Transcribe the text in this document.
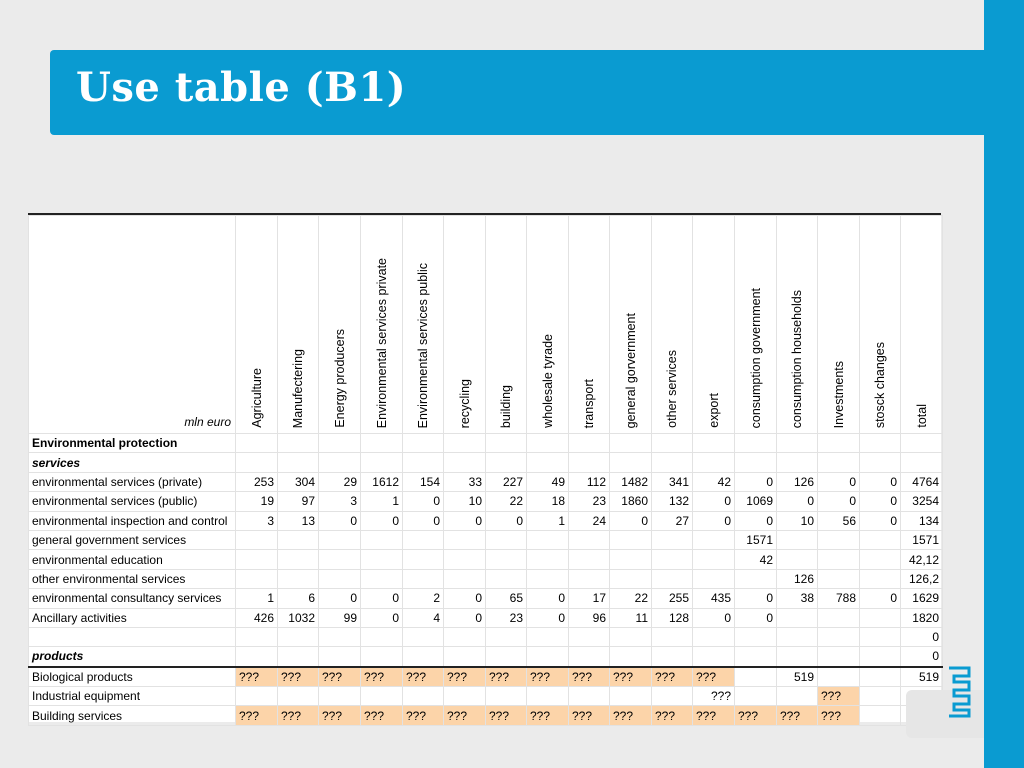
Use table (B1)
mln euro	Agriculture	Manufectering	Energy producers	Environmental services private	Environmental services public	recycling	building	wholesale tyrade	transport	general gorvernment	other services	export	consumption government	consumption households	Investments	stosck changes	total
Environmental protection																	
services																	
environmental services (private)	253	304	29	1612	154	33	227	49	112	1482	341	42	0	126	0	0	4764
environmental services (public)	19	97	3	1	0	10	22	18	23	1860	132	0	1069	0	0	0	3254
environmental inspection and control	3	13	0	0	0	0	0	1	24	0	27	0	0	10	56	0	134
general government services													1571				1571
environmental education													42				42,12
other environmental services														126			126,2
environmental consultancy services	1	6	0	0	2	0	65	0	17	22	255	435	0	38	788	0	1629
Ancillary activities	426	1032	99	0	4	0	23	0	96	11	128	0	0				1820
																	0
products																	0
Biological products	???	???	???	???	???	???	???	???	???	???	???	???		519			519
Industrial equipment												???			???		
Building services	???	???	???	???	???	???	???	???	???	???	???	???	???	???	???		
